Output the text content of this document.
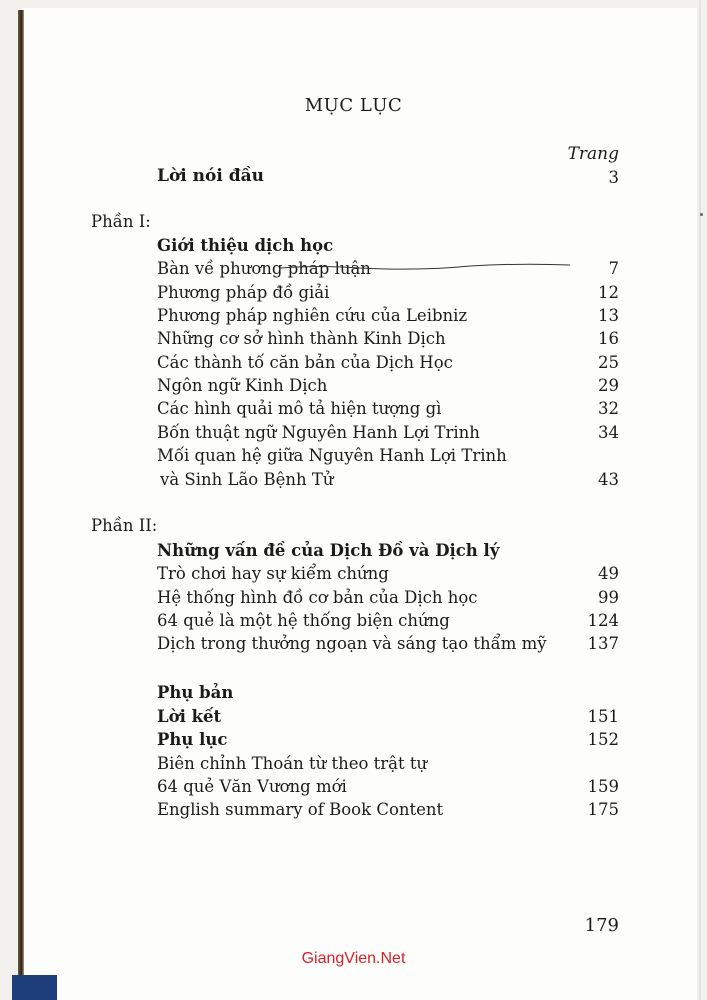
MỤC LỤC
Trang
Lời nói đầu	3
Phần I:
Giới thiệu dịch học
Bàn về phương pháp luận	7
Phương pháp đồ giải	12
Phương pháp nghiên cứu của Leibniz	13
Những cơ sở hình thành Kinh Dịch	16
Các thành tố căn bản của Dịch Học	25
Ngôn ngữ Kinh Dịch	29
Các hình quải mô tả hiện tượng gì	32
Bốn thuật ngữ Nguyên Hanh Lợi Trinh	34
Mối quan hệ giữa Nguyên Hanh Lợi Trinh
và Sinh Lão Bệnh Tử	43
Phần II:
Những vấn đề của Dịch Đồ và Dịch lý
Trò chơi hay sự kiểm chứng	49
Hệ thống hình đồ cơ bản của Dịch học	99
64 quẻ là một hệ thống biện chứng	124
Dịch trong thưởng ngoạn và sáng tạo thẩm mỹ 137
Phụ bản
Lời kết	151
Phụ lục	152
Biên chỉnh Thoán từ theo trật tự
64 quẻ Văn Vương mới	159
English summary of Book Content	175
179
GiangVien.Net
